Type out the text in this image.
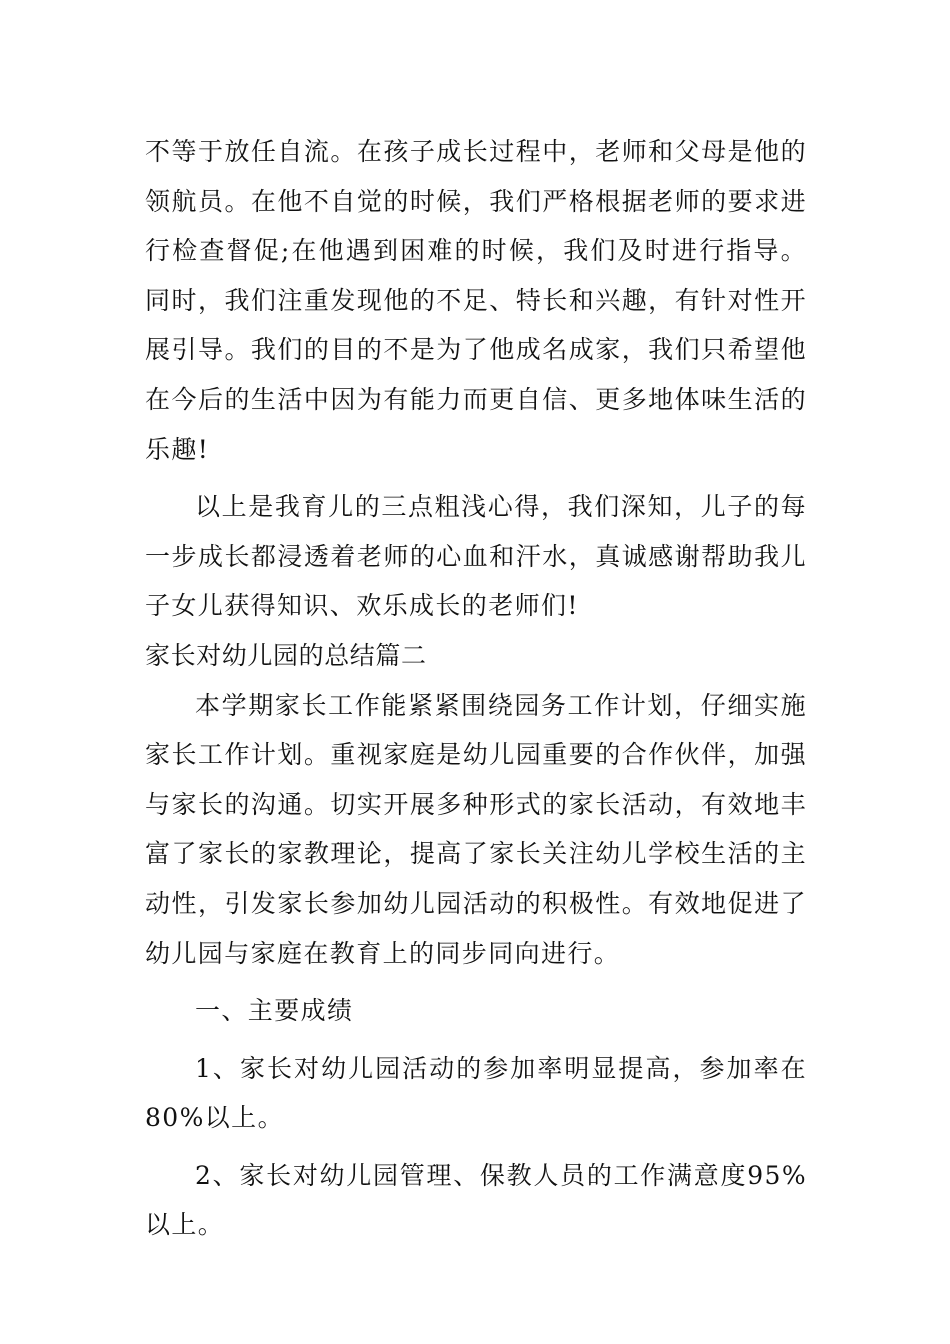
不等于放任自流。在孩子成长过程中，老师和父母是他的领航员。在他不自觉的时候，我们严格根据老师的要求进行检查督促;在他遇到困难的时候，我们及时进行指导。同时，我们注重发现他的不足、特长和兴趣，有针对性开展引导。我们的目的不是为了他成名成家，我们只希望他在今后的生活中因为有能力而更自信、更多地体味生活的乐趣!

以上是我育儿的三点粗浅心得，我们深知，儿子的每一步成长都浸透着老师的心血和汗水，真诚感谢帮助我儿子女儿获得知识、欢乐成长的老师们!

家长对幼儿园的总结篇二

本学期家长工作能紧紧围绕园务工作计划，仔细实施家长工作计划。重视家庭是幼儿园重要的合作伙伴，加强与家长的沟通。切实开展多种形式的家长活动，有效地丰富了家长的家教理论，提高了家长关注幼儿学校生活的主动性，引发家长参加幼儿园活动的积极性。有效地促进了幼儿园与家庭在教育上的同步同向进行。

一、主要成绩

1、家长对幼儿园活动的参加率明显提高，参加率在80%以上。

2、家长对幼儿园管理、保教人员的工作满意度95%以上。
